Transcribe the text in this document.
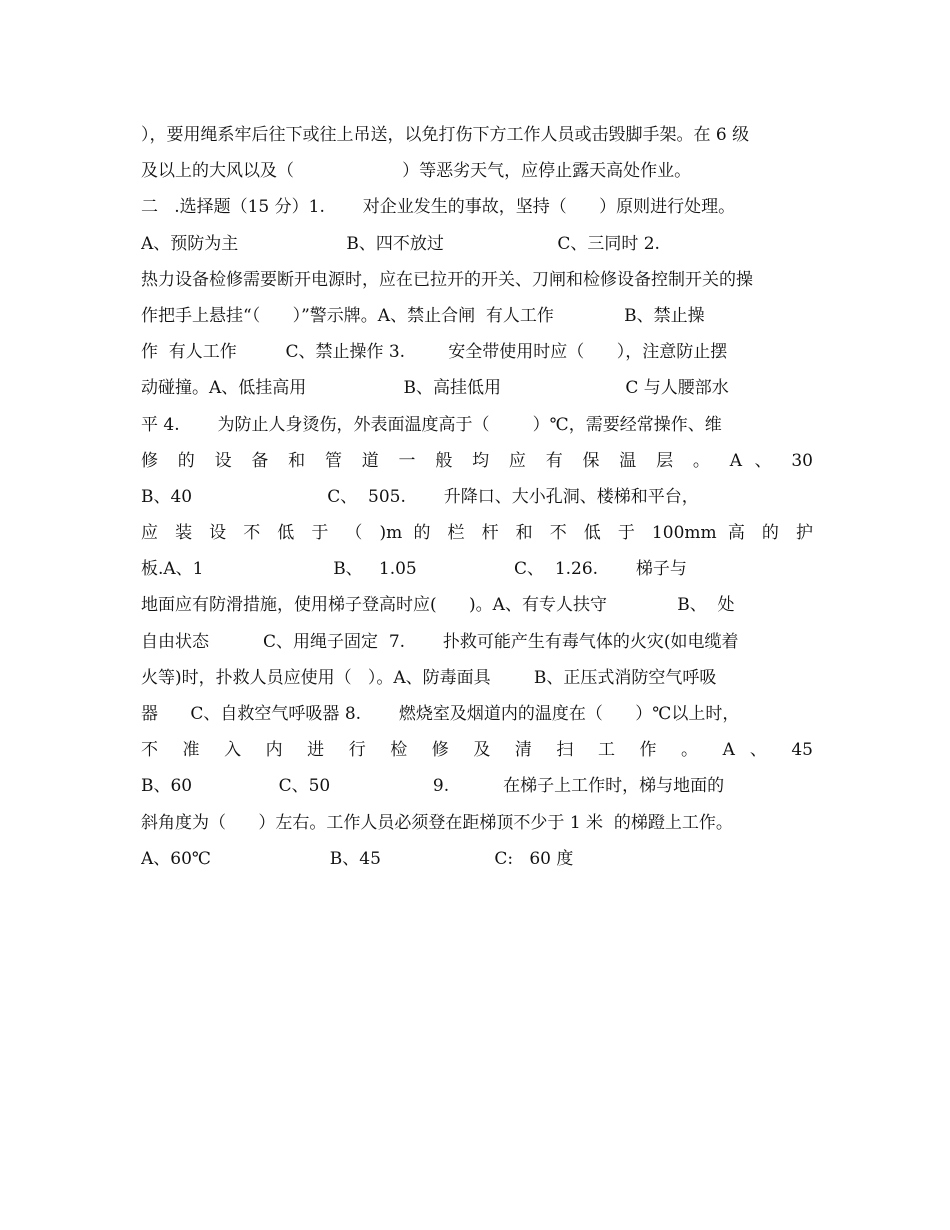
），要用绳系牢后往下或往上吊送，以免打伤下方工作人员或击毁脚手架。在 6 级
及以上的大风以及（                    ）等恶劣天气，应停止露天高处作业。
二   .选择题（15 分）1.       对企业发生的事故，坚持（      ）原则进行处理。
A、预防为主                    B、四不放过                     C、三同时 2.
热力设备检修需要断开电源时，应在已拉开的开关、刀闸和检修设备控制开关的操
作把手上悬挂“（      ）”警示牌。A、禁止合闸  有人工作             B、禁止操
作  有人工作         C、禁止操作 3.        安全带使用时应（      ），注意防止摆
动碰撞。A、低挂高用                  B、高挂低用                       C 与人腰部水
平 4.       为防止人身烫伤，外表面温度高于（        ）℃，需要经常操作、维
修 的 设 备 和 管 道 一 般 均 应 有 保 温 层 。 A 、 30
B、40                         C、  505.       升降口、大小孔洞、楼梯和平台，
应 装 设 不 低 于 （ )m 的 栏 杆 和 不 低 于 100mm 高 的 护
板.A、1                        B、   1.05                  C、  1.26.       梯子与
地面应有防滑措施，使用梯子登高时应(      )。A、有专人扶守             B、  处
自由状态          C、用绳子固定  7.       扑救可能产生有毒气体的火灾(如电缆着
火等)时，扑救人员应使用（   ）。A、防毒面具        B、正压式消防空气呼吸
器      C、自救空气呼吸器 8.       燃烧室及烟道内的温度在（      ）℃以上时，
不 准 入 内 进 行 检 修 及 清 扫 工 作 。 A 、 45
B、60                C、50                   9.          在梯子上工作时，梯与地面的
斜角度为（      ）左右。工作人员必须登在距梯顶不少于 1 米  的梯蹬上工作。
A、60℃                      B、45                     C:   60 度
